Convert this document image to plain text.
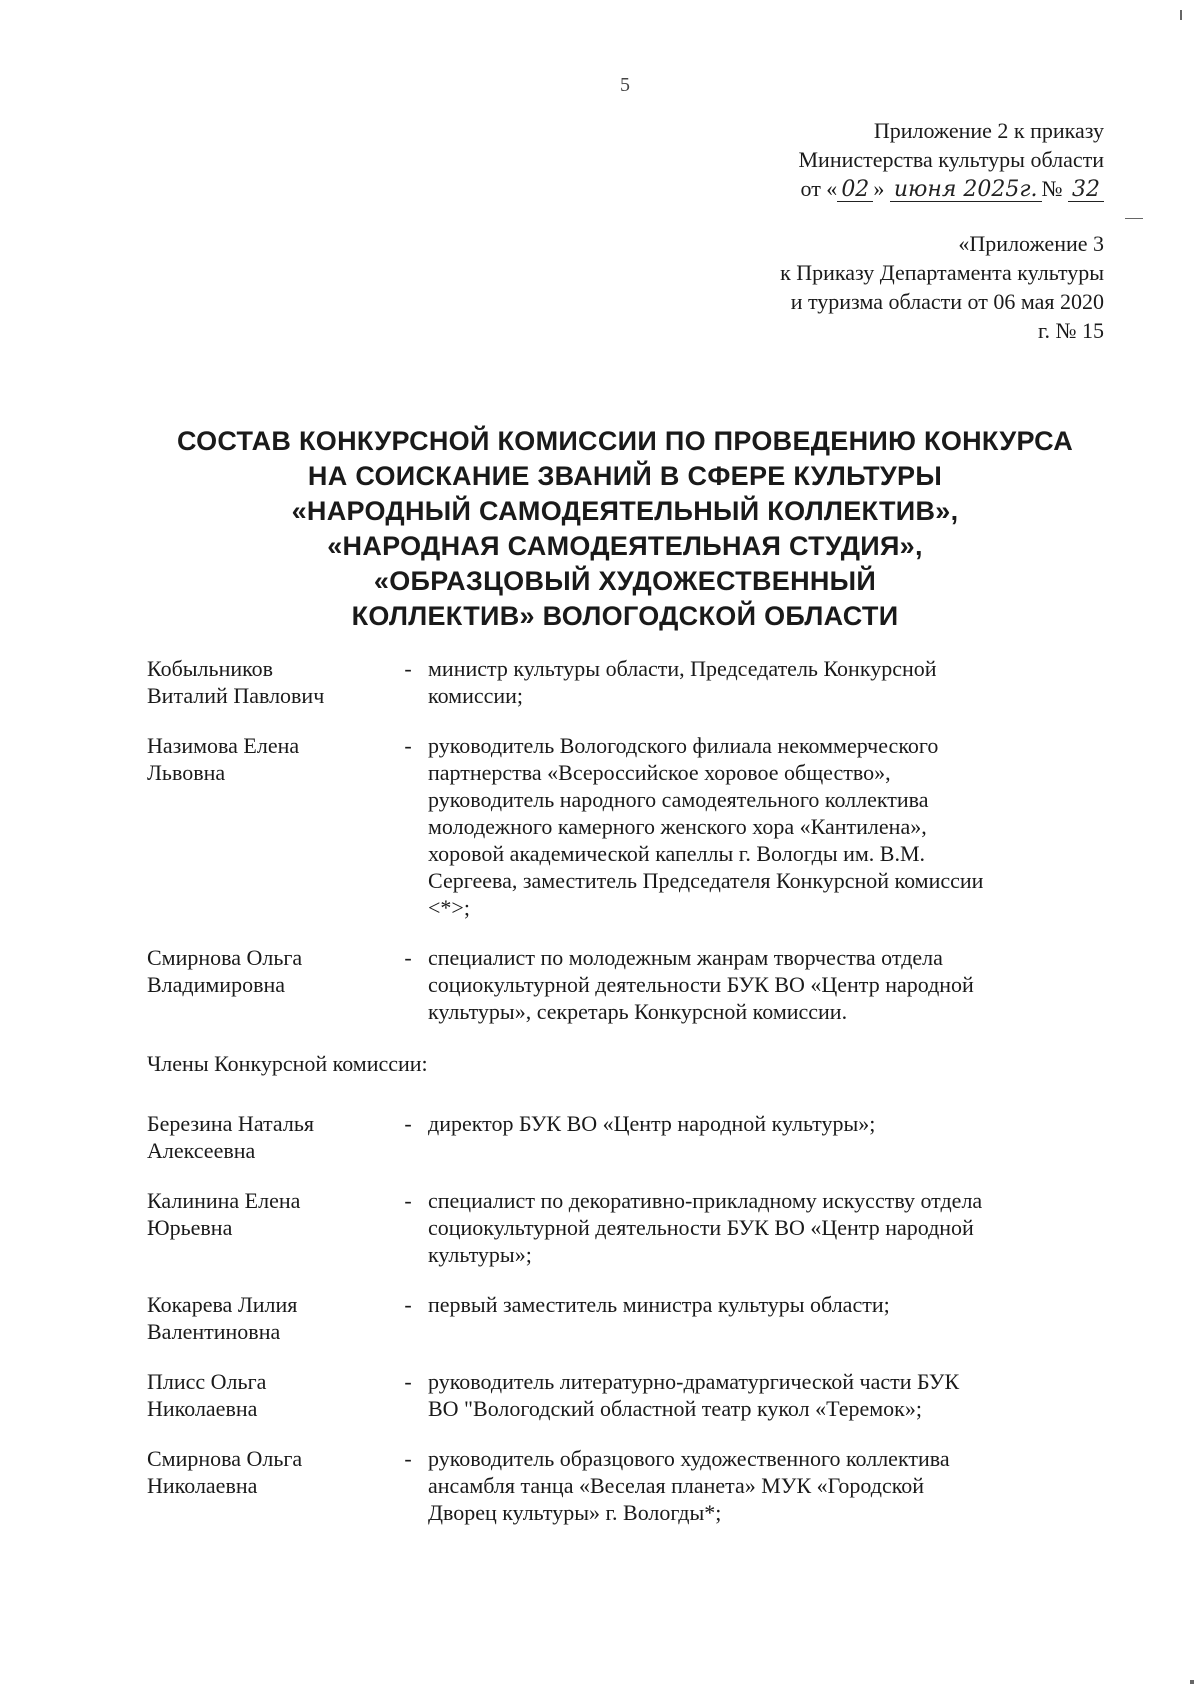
5
Приложение 2 к приказу
Министерства культуры области
от « 02 » июня 2025г. № 32
«Приложение 3
к Приказу Департамента культуры
и туризма области от 06 мая 2020
г. № 15
СОСТАВ КОНКУРСНОЙ КОМИССИИ ПО ПРОВЕДЕНИЮ КОНКУРСА
НА СОИСКАНИЕ ЗВАНИЙ В СФЕРЕ КУЛЬТУРЫ
«НАРОДНЫЙ САМОДЕЯТЕЛЬНЫЙ КОЛЛЕКТИВ»,
«НАРОДНАЯ САМОДЕЯТЕЛЬНАЯ СТУДИЯ»,
«ОБРАЗЦОВЫЙ ХУДОЖЕСТВЕННЫЙ
КОЛЛЕКТИВ» ВОЛОГОДСКОЙ ОБЛАСТИ
Кобыльников
Виталий Павлович
- министр культуры области, Председатель Конкурсной
комиссии;
Назимова Елена
Львовна
- руководитель Вологодского филиала некоммерческого
партнерства «Всероссийское хоровое общество»,
руководитель народного самодеятельного коллектива
молодежного камерного женского хора «Кантилена»,
хоровой академической капеллы г. Вологды им. В.М.
Сергеева, заместитель Председателя Конкурсной комиссии
<*>;
Смирнова Ольга
Владимировна
- специалист по молодежным жанрам творчества отдела
социокультурной деятельности БУК ВО «Центр народной
культуры», секретарь Конкурсной комиссии.
Члены Конкурсной комиссии:
Березина Наталья
Алексеевна
- директор БУК ВО «Центр народной культуры»;
Калинина Елена
Юрьевна
- специалист по декоративно-прикладному искусству отдела
социокультурной деятельности БУК ВО «Центр народной
культуры»;
Кокарева Лилия
Валентиновна
- первый заместитель министра культуры области;
Плисс Ольга
Николаевна
- руководитель литературно-драматургической части БУК
ВО "Вологодский областной театр кукол «Теремок»;
Смирнова Ольга
Николаевна
- руководитель образцового художественного коллектива
ансамбля танца «Веселая планета» МУК «Городской
Дворец культуры» г. Вологды*;
